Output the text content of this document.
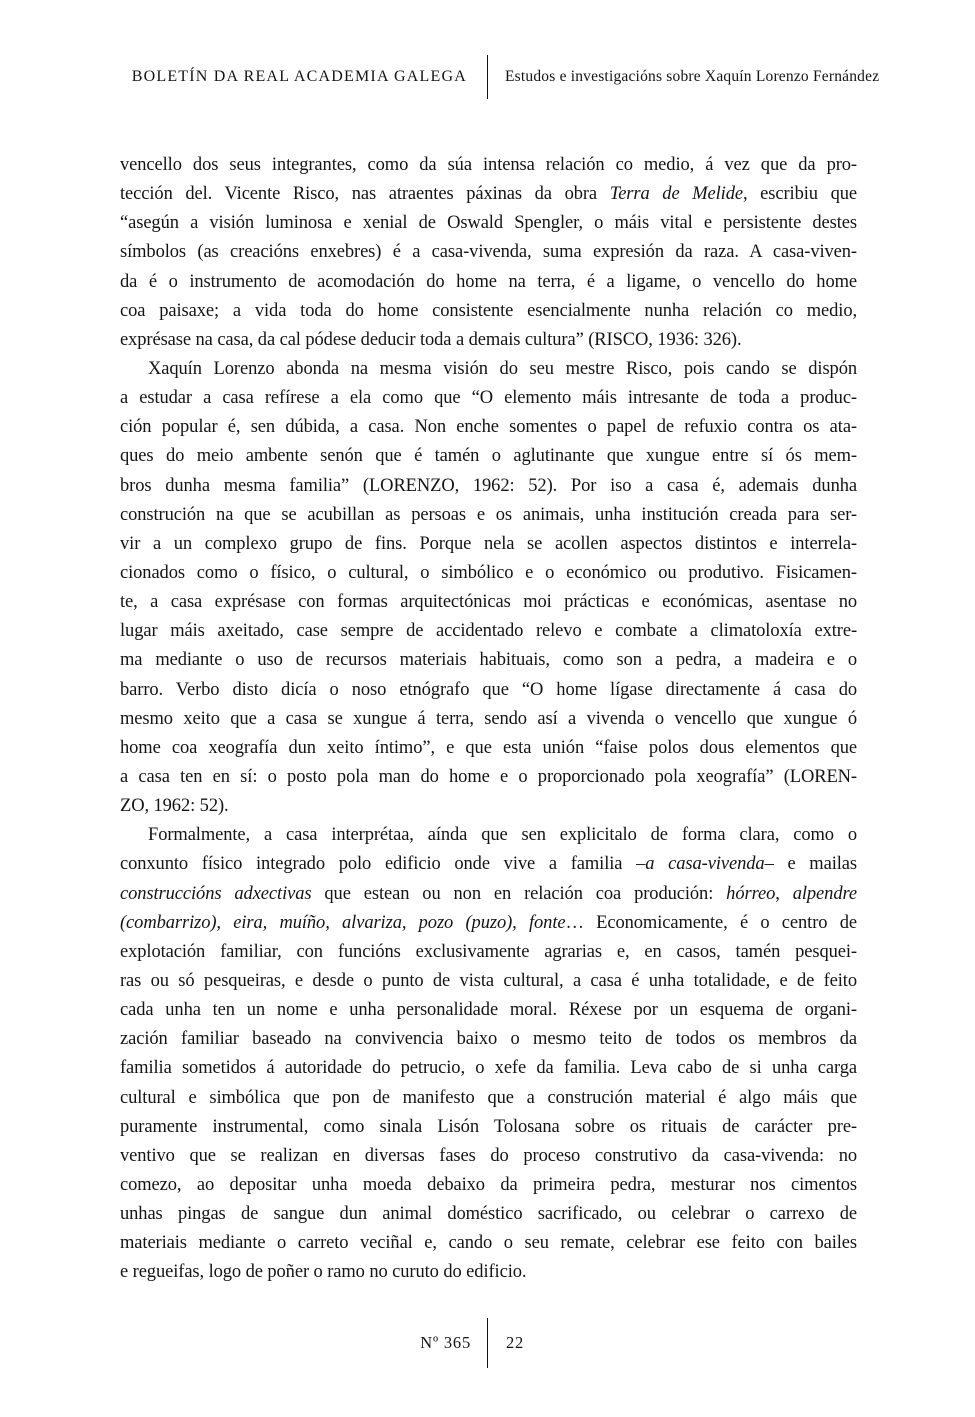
BOLETÍN DA REAL ACADEMIA GALEGA	Estudos e investigacións sobre Xaquín Lorenzo Fernández
vencello dos seus integrantes, como da súa intensa relación co medio, á vez que da pro-
tección del. Vicente Risco, nas atraentes páxinas da obra Terra de Melide, escribiu que
“asegún a visión luminosa e xenial de Oswald Spengler, o máis vital e persistente destes
símbolos (as creacións enxebres) é a casa-vivenda, suma expresión da raza. A casa-viven-
da é o instrumento de acomodación do home na terra, é a ligame, o vencello do home
coa paisaxe; a vida toda do home consistente esencialmente nunha relación co medio,
exprésase na casa, da cal pódese deducir toda a demais cultura” (RISCO, 1936: 326).
Xaquín Lorenzo abonda na mesma visión do seu mestre Risco, pois cando se dispón
a estudar a casa refírese a ela como que “O elemento máis intresante de toda a produc-
ción popular é, sen dúbida, a casa. Non enche somentes o papel de refuxio contra os ata-
ques do meio ambente senón que é tamén o aglutinante que xungue entre sí ós mem-
bros dunha mesma familia” (LORENZO, 1962: 52). Por iso a casa é, ademais dunha
construción na que se acubillan as persoas e os animais, unha institución creada para ser-
vir a un complexo grupo de fins. Porque nela se acollen aspectos distintos e interrela-
cionados como o físico, o cultural, o simbólico e o económico ou produtivo. Fisicamen-
te, a casa exprésase con formas arquitectónicas moi prácticas e económicas, asentase no
lugar máis axeitado, case sempre de accidentado relevo e combate a climatoloxía extre-
ma mediante o uso de recursos materiais habituais, como son a pedra, a madeira e o
barro. Verbo disto dicía o noso etnógrafo que “O home lígase directamente á casa do
mesmo xeito que a casa se xungue á terra, sendo así a vivenda o vencello que xungue ó
home coa xeografía dun xeito íntimo”, e que esta unión “faise polos dous elementos que
a casa ten en sí: o posto pola man do home e o proporcionado pola xeografía” (LOREN-
ZO, 1962: 52).
Formalmente, a casa interprétaa, aínda que sen explicitalo de forma clara, como o
conxunto físico integrado polo edificio onde vive a familia –a casa-vivenda– e mailas
construccións adxectivas que estean ou non en relación coa produción: hórreo, alpendre
(combarrizo), eira, muíño, alvariza, pozo (puzo), fonte… Economicamente, é o centro de
explotación familiar, con funcións exclusivamente agrarias e, en casos, tamén pesquei-
ras ou só pesqueiras, e desde o punto de vista cultural, a casa é unha totalidade, e de feito
cada unha ten un nome e unha personalidade moral. Réxese por un esquema de organi-
zación familiar baseado na convivencia baixo o mesmo teito de todos os membros da
familia sometidos á autoridade do petrucio, o xefe da familia. Leva cabo de si unha carga
cultural e simbólica que pon de manifesto que a construción material é algo máis que
puramente instrumental, como sinala Lisón Tolosana sobre os rituais de carácter pre-
ventivo que se realizan en diversas fases do proceso construtivo da casa-vivenda: no
comezo, ao depositar unha moeda debaixo da primeira pedra, mesturar nos cimentos
unhas pingas de sangue dun animal doméstico sacrificado, ou celebrar o carrexo de
materiais mediante o carreto veciñal e, cando o seu remate, celebrar ese feito con bailes
e regueifas, logo de poñer o ramo no curuto do edificio.
Nº 365	22
